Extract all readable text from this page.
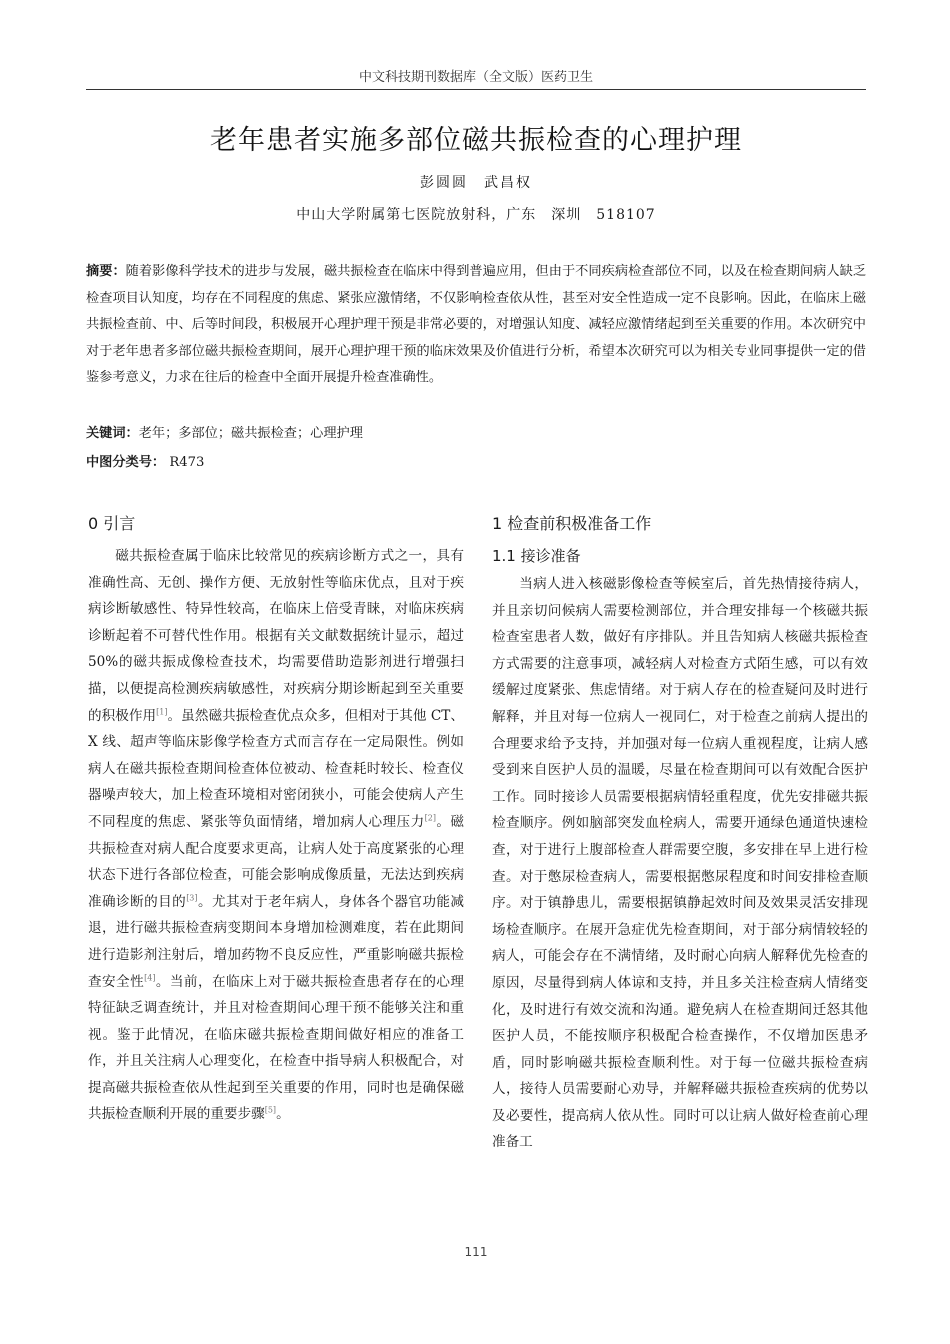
中文科技期刊数据库（全文版）医药卫生
老年患者实施多部位磁共振检查的心理护理
彭圆圆　武昌权
中山大学附属第七医院放射科，广东　深圳　518107
摘要：随着影像科学技术的进步与发展，磁共振检查在临床中得到普遍应用，但由于不同疾病检查部位不同，以及在检查期间病人缺乏检查项目认知度，均存在不同程度的焦虑、紧张应激情绪，不仅影响检查依从性，甚至对安全性造成一定不良影响。因此，在临床上磁共振检查前、中、后等时间段，积极展开心理护理干预是非常必要的，对增强认知度、减轻应激情绪起到至关重要的作用。本次研究中对于老年患者多部位磁共振检查期间，展开心理护理干预的临床效果及价值进行分析，希望本次研究可以为相关专业同事提供一定的借鉴参考意义，力求在往后的检查中全面开展提升检查准确性。
关键词：老年；多部位；磁共振检查；心理护理
中图分类号： R473
0 引言

磁共振检查属于临床比较常见的疾病诊断方式之一，具有准确性高、无创、操作方便、无放射性等临床优点，且对于疾病诊断敏感性、特异性较高，在临床上倍受青睐，对临床疾病诊断起着不可替代性作用。根据有关文献数据统计显示，超过 50%的磁共振成像检查技术，均需要借助造影剂进行增强扫描，以便提高检测疾病敏感性，对疾病分期诊断起到至关重要的积极作用[1]。虽然磁共振检查优点众多，但相对于其他 CT、X 线、超声等临床影像学检查方式而言存在一定局限性。例如病人在磁共振检查期间检查体位被动、检查耗时较长、检查仪器噪声较大，加上检查环境相对密闭狭小，可能会使病人产生不同程度的焦虑、紧张等负面情绪，增加病人心理压力[2]。磁共振检查对病人配合度要求更高，让病人处于高度紧张的心理状态下进行各部位检查，可能会影响成像质量，无法达到疾病准确诊断的目的[3]。尤其对于老年病人，身体各个器官功能减退，进行磁共振检查病变期间本身增加检测难度，若在此期间进行造影剂注射后，增加药物不良反应性，严重影响磁共振检查安全性[4]。当前，在临床上对于磁共振检查患者存在的心理特征缺乏调查统计，并且对检查期间心理干预不能够关注和重视。鉴于此情况，在临床磁共振检查期间做好相应的准备工作，并且关注病人心理变化，在检查中指导病人积极配合，对提高磁共振检查依从性起到至关重要的作用，同时也是确保磁共振检查顺利开展的重要步骤[5]。

1 检查前积极准备工作
1.1 接诊准备

当病人进入核磁影像检查等候室后，首先热情接待病人，并且亲切问候病人需要检测部位，并合理安排每一个核磁共振检查室患者人数，做好有序排队。并且告知病人核磁共振检查方式需要的注意事项，减轻病人对检查方式陌生感，可以有效缓解过度紧张、焦虑情绪。对于病人存在的检查疑问及时进行解释，并且对每一位病人一视同仁，对于检查之前病人提出的合理要求给予支持，并加强对每一位病人重视程度，让病人感受到来自医护人员的温暖，尽量在检查期间可以有效配合医护工作。同时接诊人员需要根据病情轻重程度，优先安排磁共振检查顺序。例如脑部突发血栓病人，需要开通绿色通道快速检查，对于进行上腹部检查人群需要空腹，多安排在早上进行检查。对于憋尿检查病人，需要根据憋尿程度和时间安排检查顺序。对于镇静患儿，需要根据镇静起效时间及效果灵活安排现场检查顺序。在展开急症优先检查期间，对于部分病情较轻的病人，可能会存在不满情绪，及时耐心向病人解释优先检查的原因，尽量得到病人体谅和支持，并且多关注检查病人情绪变化，及时进行有效交流和沟通。避免病人在检查期间迁怒其他医护人员，不能按顺序积极配合检查操作，不仅增加医患矛盾，同时影响磁共振检查顺利性。对于每一位磁共振检查病人，接待人员需要耐心劝导，并解释磁共振检查疾病的优势以及必要性，提高病人依从性。同时可以让病人做好检查前心理准备工

111
